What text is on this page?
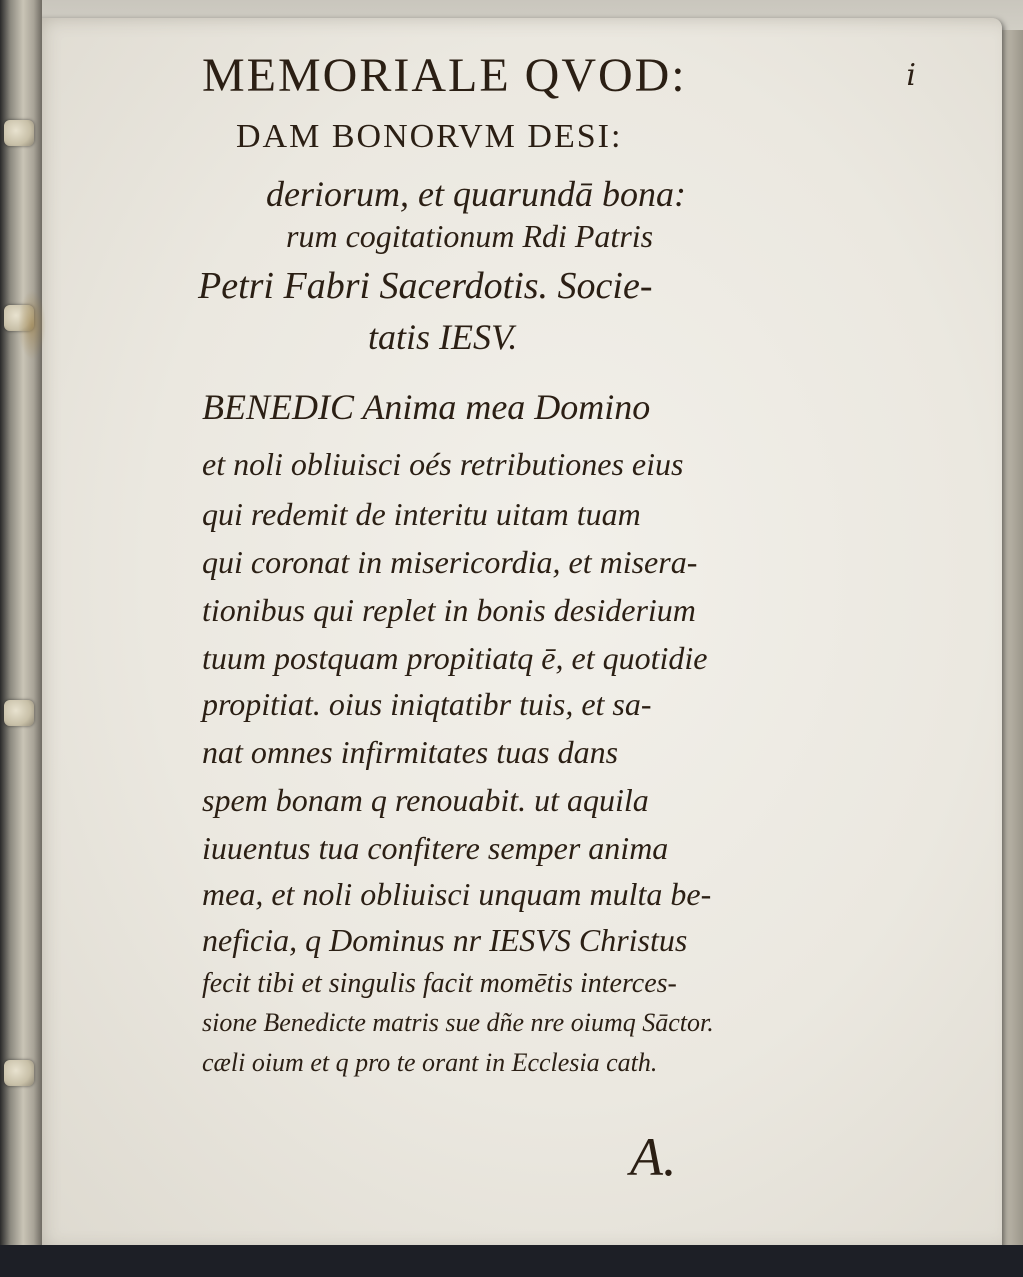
i
MEMORIALE QVOD:
DAM BONORVM DESI:
deriorum, et quarundā bona:
rum cogitationum Rdi Patris
Petri Fabri Sacerdotis. Socie-
tatis IESV.
BENEDIC Anima mea Domino
et noli obliuisci oés retributiones eius
qui redemit de interitu uitam tuam
qui coronat in misericordia, et misera-
tionibus qui replet in bonis desiderium
tuum postquam propitiatq ē, et quotidie
propitiat. oius iniqtatibr tuis, et sa-
nat omnes infirmitates tuas dans
spem bonam q renouabit. ut aquila
iuuentus tua confitere semper anima
mea, et noli obliuisci unquam multa be-
neficia, q Dominus nr IESVS Christus
fecit tibi et singulis facit momētis interces-
sione Benedicte matris sue dñe nre oiumq Sāctor.
cæli oium et q pro te orant in Ecclesia cath.
A.
